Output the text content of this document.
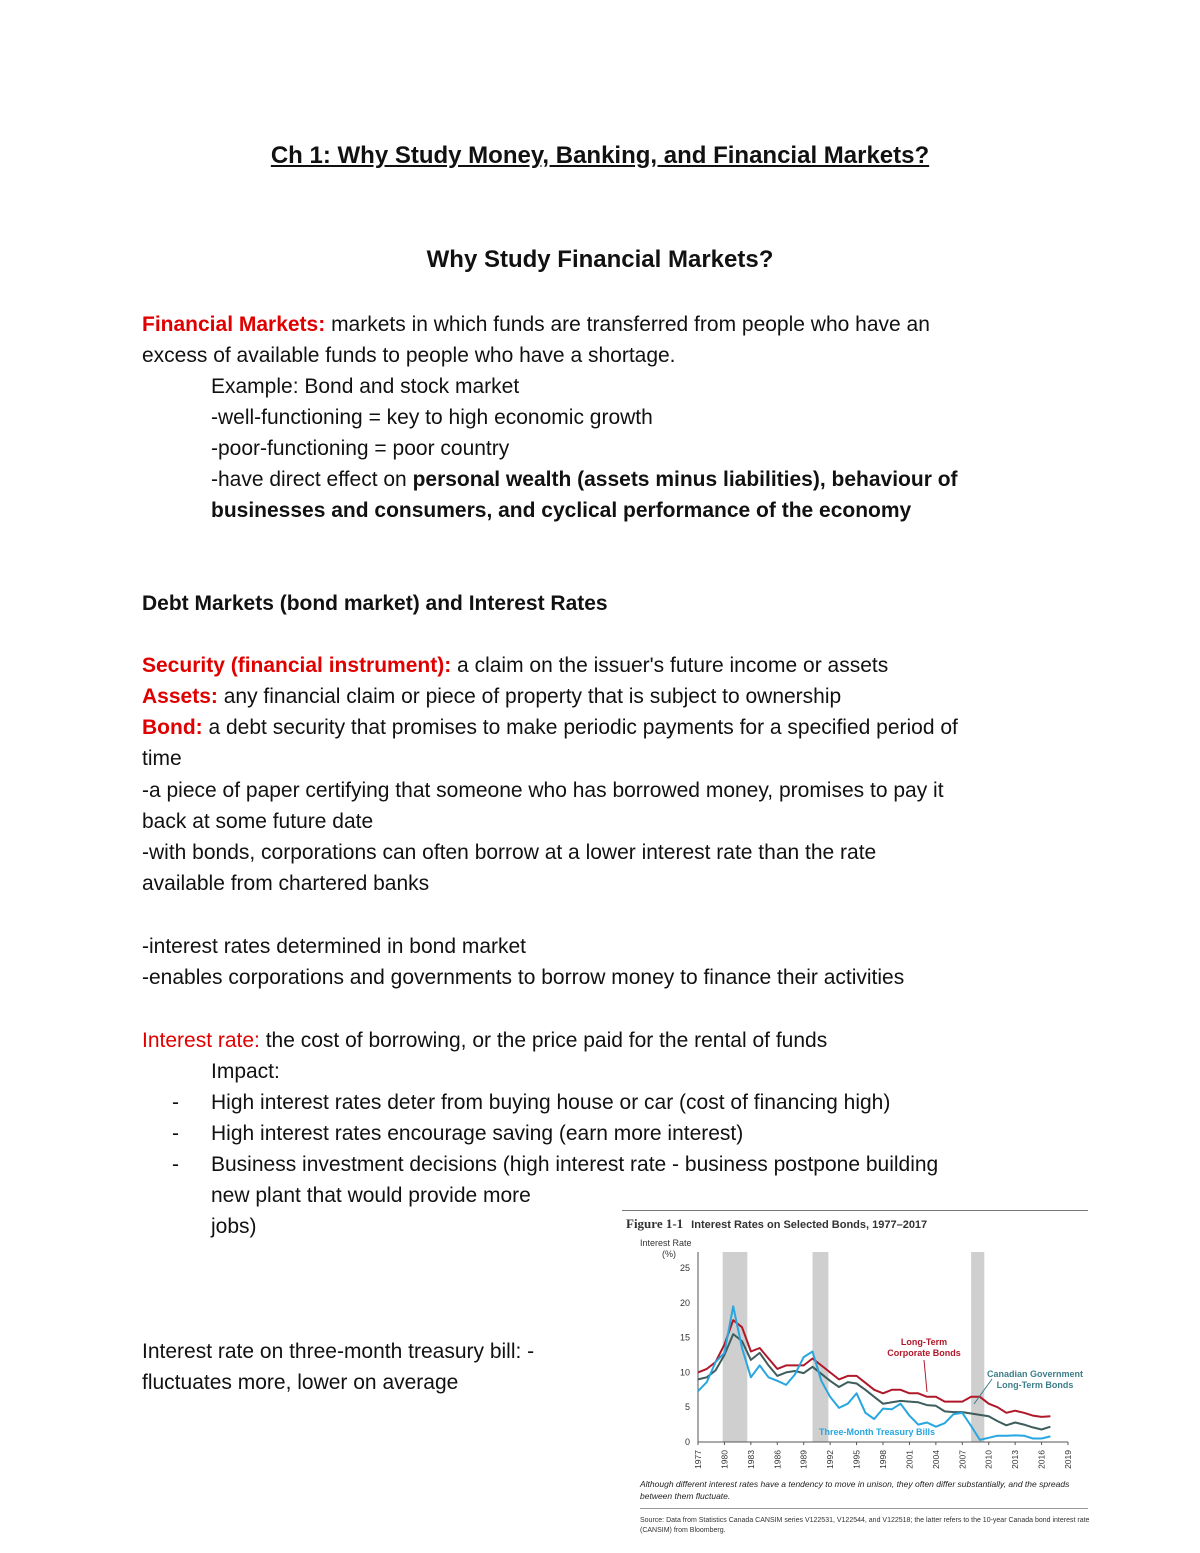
Ch 1: Why Study Money, Banking, and Financial Markets?
Why Study Financial Markets?
Financial Markets: markets in which funds are transferred from people who have an
excess of available funds to people who have a shortage.
Example: Bond and stock market
-well-functioning = key to high economic growth
-poor-functioning = poor country
-have direct effect on personal wealth (assets minus liabilities), behaviour of
businesses and consumers, and cyclical performance of the economy
Debt Markets (bond market) and Interest Rates
Security (financial instrument): a claim on the issuer's future income or assets
Assets: any financial claim or piece of property that is subject to ownership
Bond: a debt security that promises to make periodic payments for a specified period of
time
-a piece of paper certifying that someone who has borrowed money, promises to pay it
back at some future date
-with bonds, corporations can often borrow at a lower interest rate than the rate
available from chartered banks
-interest rates determined in bond market
-enables corporations and governments to borrow money to finance their activities
Interest rate: the cost of borrowing, or the price paid for the rental of funds
Impact:
- High interest rates deter from buying house or car (cost of financing high)
- High interest rates encourage saving (earn more interest)
- Business investment decisions (high interest rate - business postpone building
new plant that would provide more
jobs)
Interest rate on three-month treasury bill: -
fluctuates more, lower on average
Figure 1-1 Interest Rates on Selected Bonds, 1977–2017
Interest Rate
(%)
0
5
10
15
20
25
1977 1980 1983 1986 1989 1992 1995 1998 2001 2004 2007 2010 2013 2016 2019
Long-Term
Corporate Bonds
Canadian Government
Long-Term Bonds
Three-Month Treasury Bills
Although different interest rates have a tendency to move in unison, they often differ substantially, and the spreads between them fluctuate.
Source: Data from Statistics Canada CANSIM series V122531, V122544, and V122518; the latter refers to the 10-year Canada bond interest rate (CANSIM) from Bloomberg.
